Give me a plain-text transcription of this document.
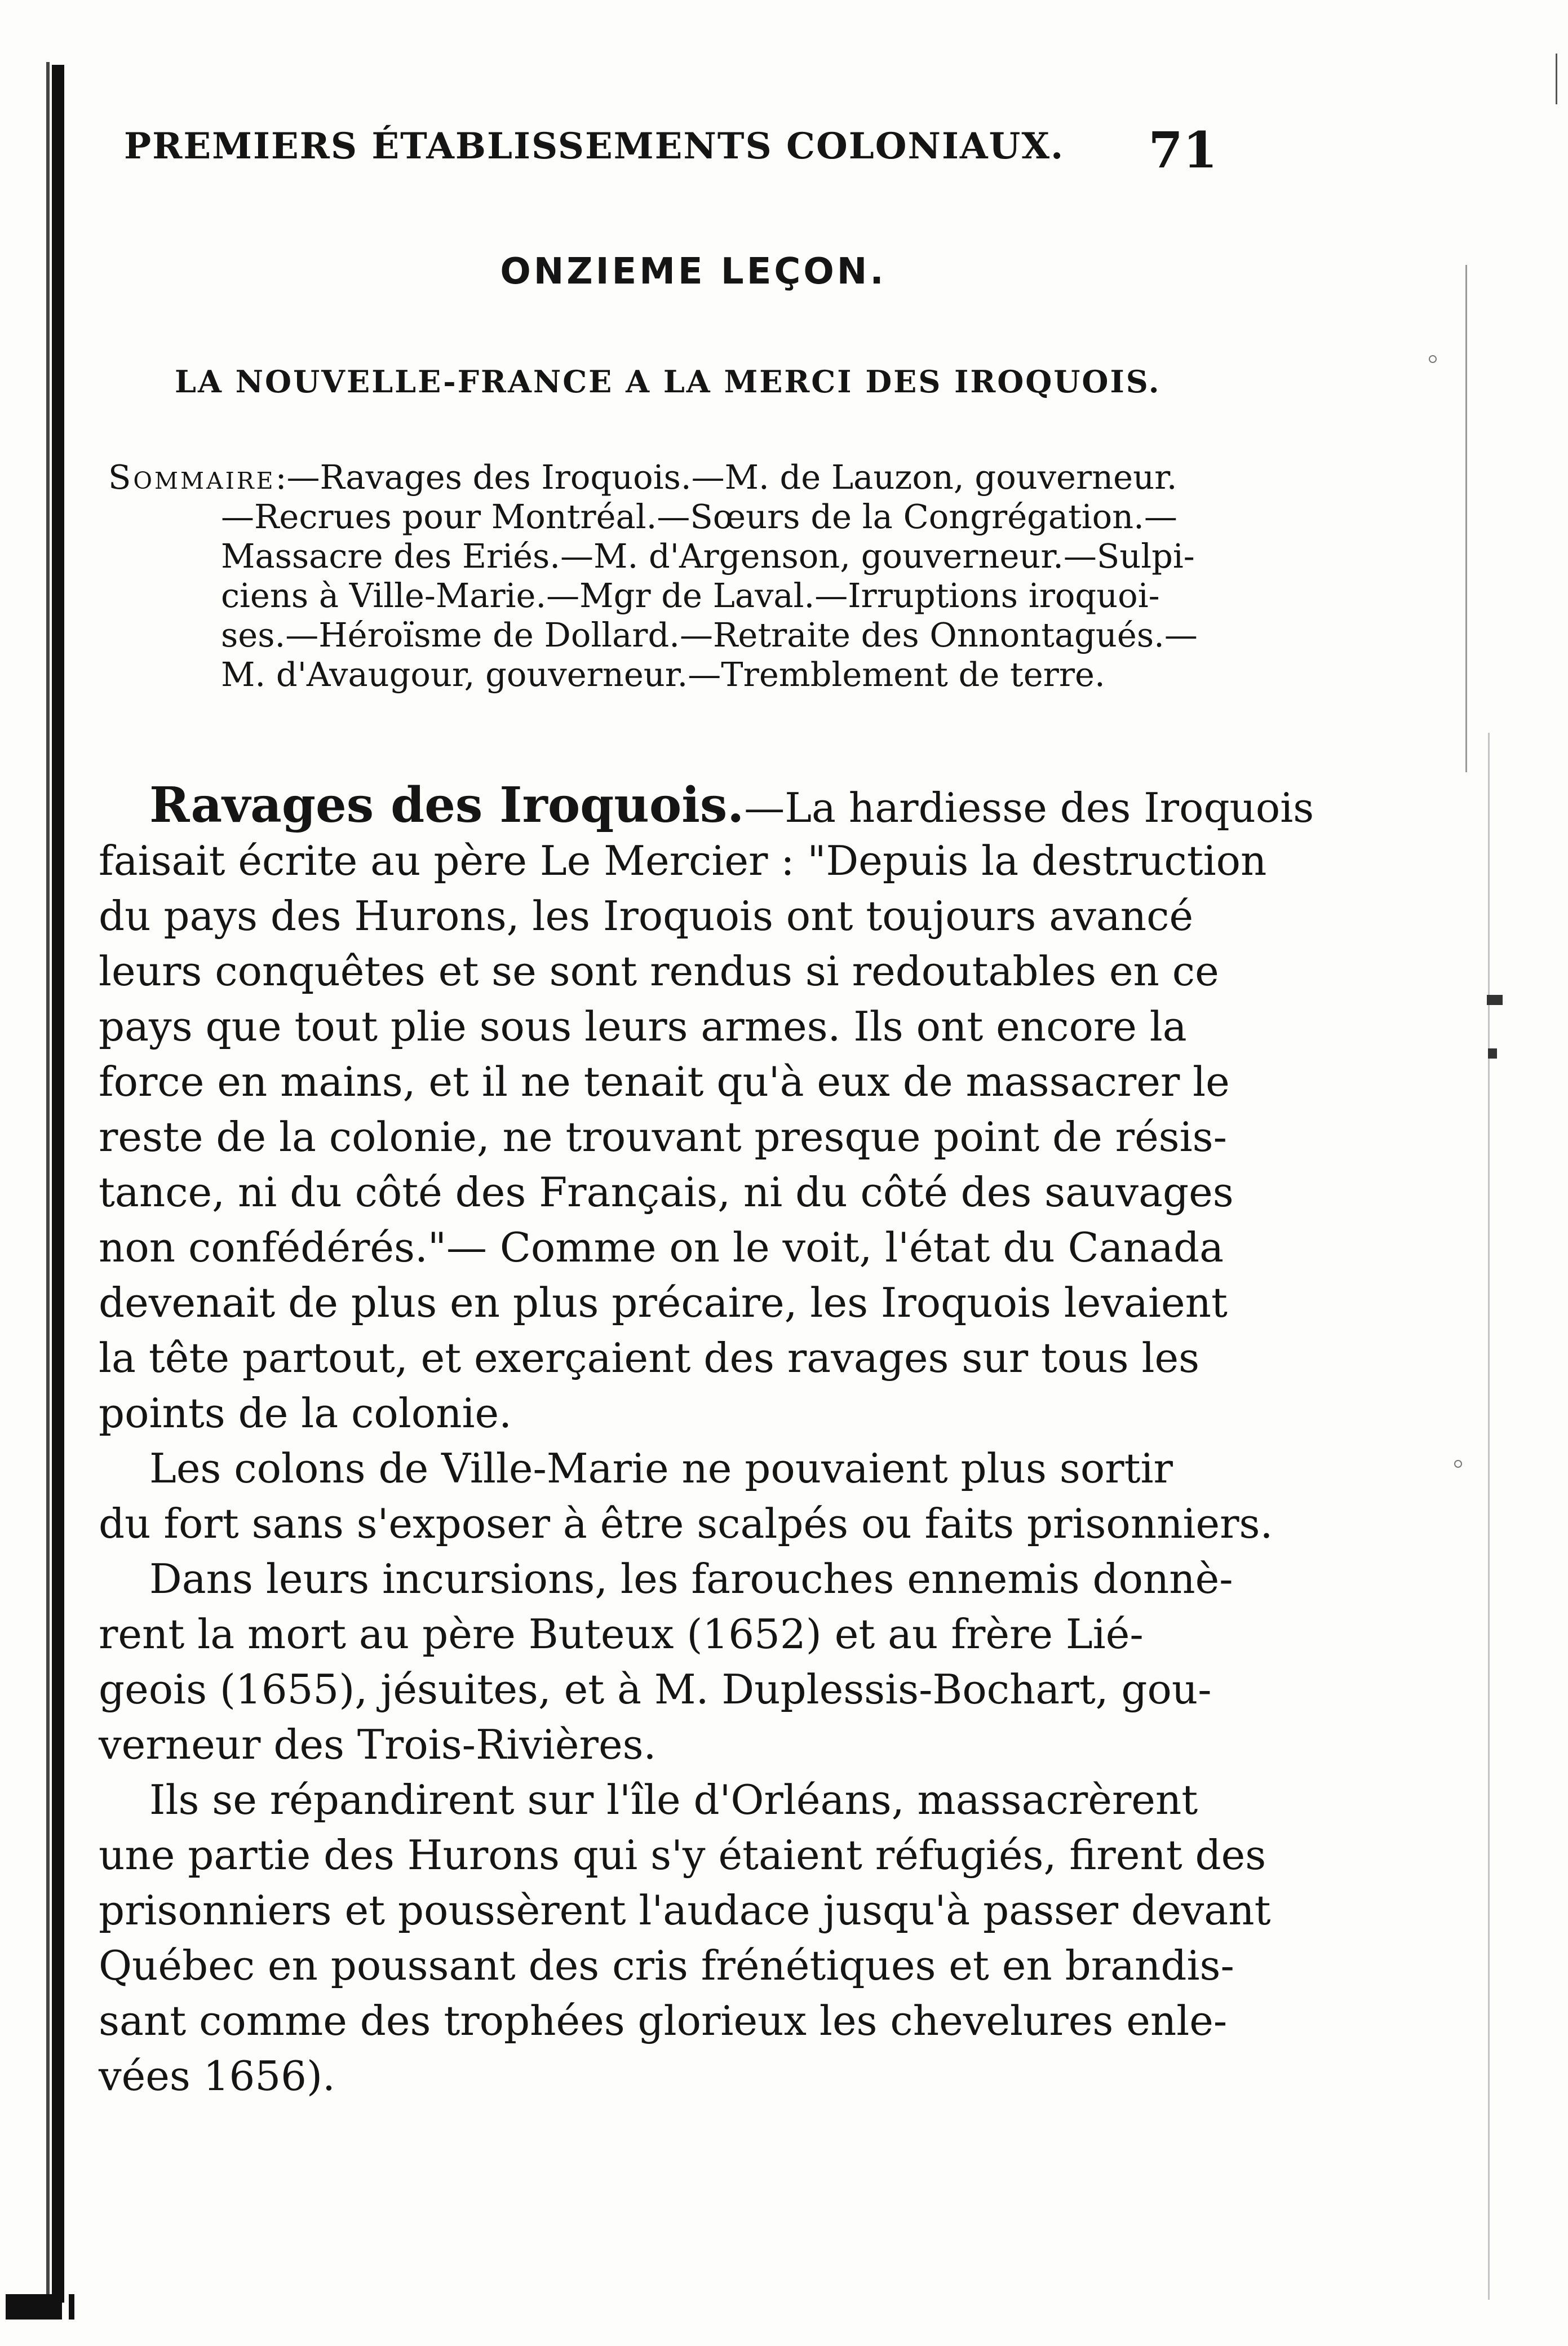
PREMIERS ÉTABLISSEMENTS COLONIAUX. 71
ONZIEME LEÇON.
LA NOUVELLE-FRANCE A LA MERCI DES IROQUOIS.
Sommaire:—Ravages des Iroquois.—M. de Lauzon, gouverneur.
—Recrues pour Montréal.—Sœurs de la Congrégation.—
Massacre des Eriés.—M. d'Argenson, gouverneur.—Sulpi-
ciens à Ville-Marie.—Mgr de Laval.—Irruptions iroquoi-
ses.—Héroïsme de Dollard.—Retraite des Onnontagués.—
M. d'Avaugour, gouverneur.—Tremblement de terre.
Ravages des Iroquois.—La hardiesse des Iroquois
faisait écrite au père Le Mercier : "Depuis la destruction
du pays des Hurons, les Iroquois ont toujours avancé
leurs conquêtes et se sont rendus si redoutables en ce
pays que tout plie sous leurs armes. Ils ont encore la
force en mains, et il ne tenait qu'à eux de massacrer le
reste de la colonie, ne trouvant presque point de résis-
tance, ni du côté des Français, ni du côté des sauvages
non confédérés."— Comme on le voit, l'état du Canada
devenait de plus en plus précaire, les Iroquois levaient
la tête partout, et exerçaient des ravages sur tous les
points de la colonie.
Les colons de Ville-Marie ne pouvaient plus sortir
du fort sans s'exposer à être scalpés ou faits prisonniers.
Dans leurs incursions, les farouches ennemis donnè-
rent la mort au père Buteux (1652) et au frère Lié-
geois (1655), jésuites, et à M. Duplessis-Bochart, gou-
verneur des Trois-Rivières.
Ils se répandirent sur l'île d'Orléans, massacrèrent
une partie des Hurons qui s'y étaient réfugiés, firent des
prisonniers et poussèrent l'audace jusqu'à passer devant
Québec en poussant des cris frénétiques et en brandis-
sant comme des trophées glorieux les chevelures enle-
vées 1656).
